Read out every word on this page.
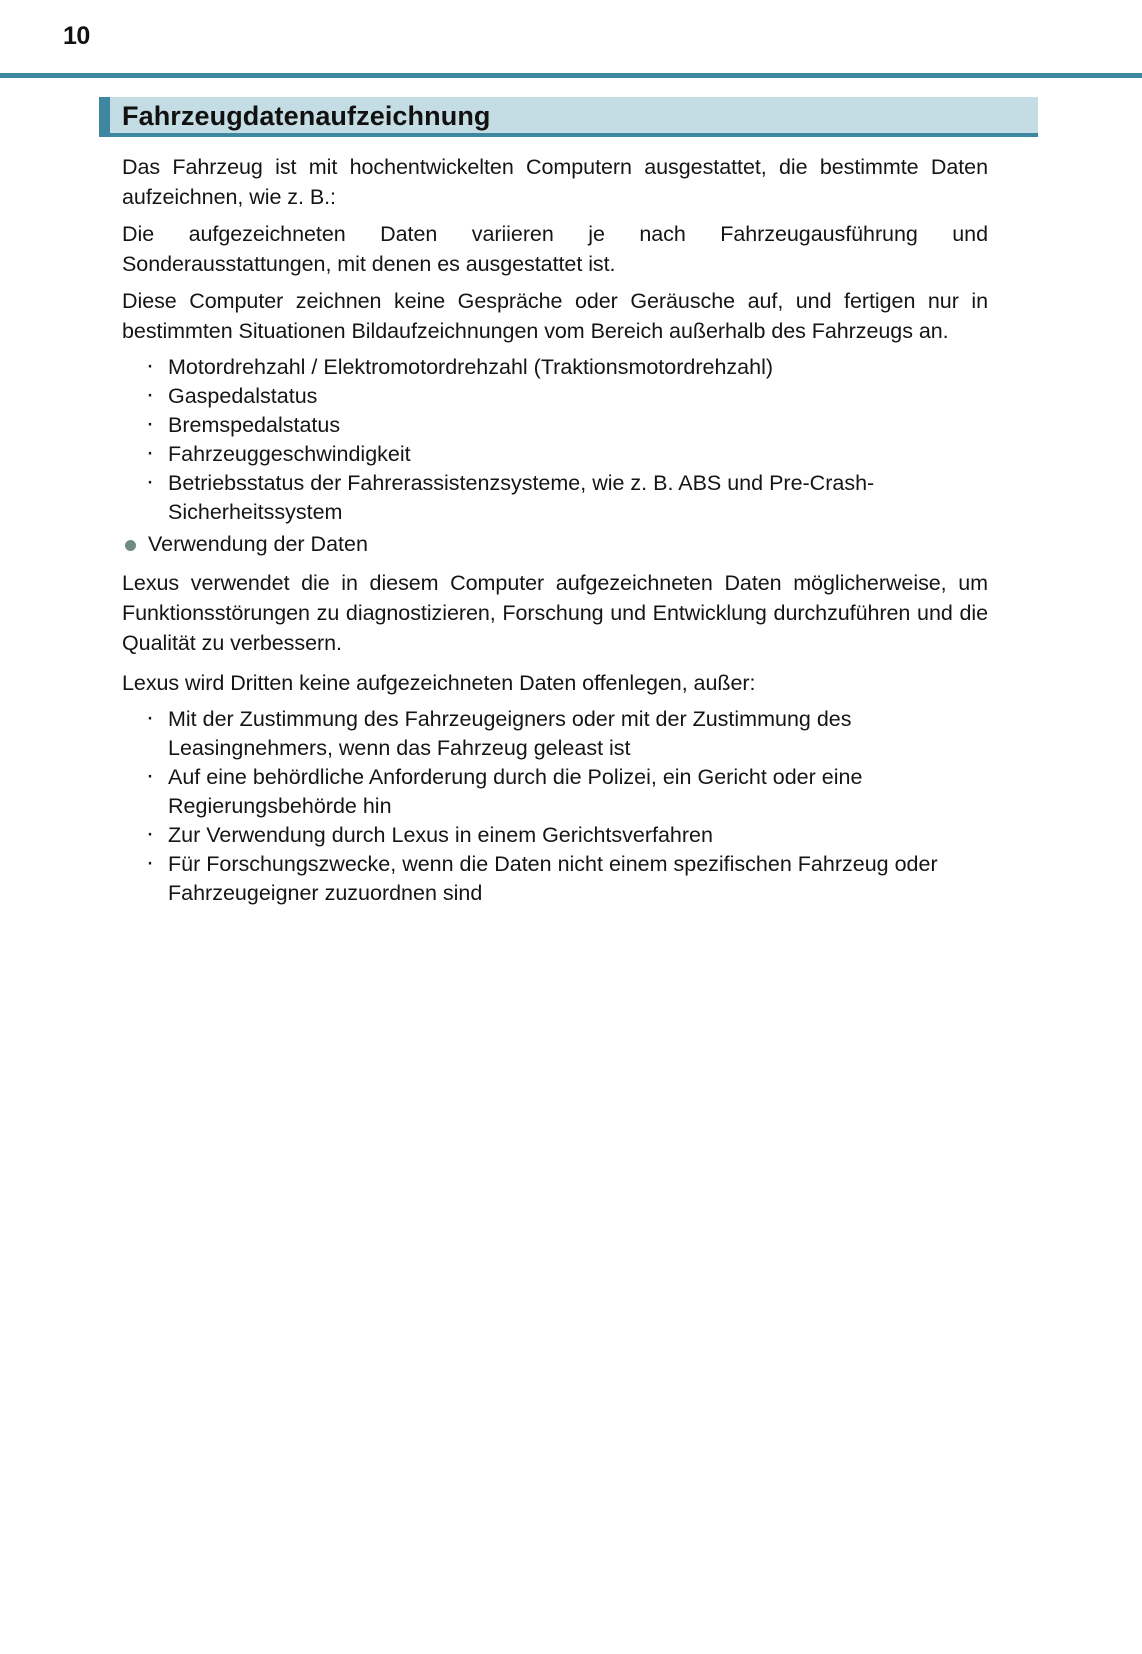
10
Fahrzeugdatenaufzeichnung

Das Fahrzeug ist mit hochentwickelten Computern ausgestattet, die bestimmte Daten aufzeichnen, wie z. B.:

Die aufgezeichneten Daten variieren je nach Fahrzeugausführung und Sonderausstattungen, mit denen es ausgestattet ist.

Diese Computer zeichnen keine Gespräche oder Geräusche auf, und fertigen nur in bestimmten Situationen Bildaufzeichnungen vom Bereich außerhalb des Fahrzeugs an.

· Motordrehzahl / Elektromotordrehzahl (Traktionsmotordrehzahl)
· Gaspedalstatus
· Bremspedalstatus
· Fahrzeuggeschwindigkeit
· Betriebsstatus der Fahrerassistenzsysteme, wie z. B. ABS und Pre-Crash-Sicherheitssystem
Verwendung der Daten

Lexus verwendet die in diesem Computer aufgezeichneten Daten möglicherweise, um Funktionsstörungen zu diagnostizieren, Forschung und Entwicklung durchzuführen und die Qualität zu verbessern.

Lexus wird Dritten keine aufgezeichneten Daten offenlegen, außer:

· Mit der Zustimmung des Fahrzeugeigners oder mit der Zustimmung des Leasingnehmers, wenn das Fahrzeug geleast ist
· Auf eine behördliche Anforderung durch die Polizei, ein Gericht oder eine Regierungsbehörde hin
· Zur Verwendung durch Lexus in einem Gerichtsverfahren
· Für Forschungszwecke, wenn die Daten nicht einem spezifischen Fahrzeug oder Fahrzeugeigner zuzuordnen sind
